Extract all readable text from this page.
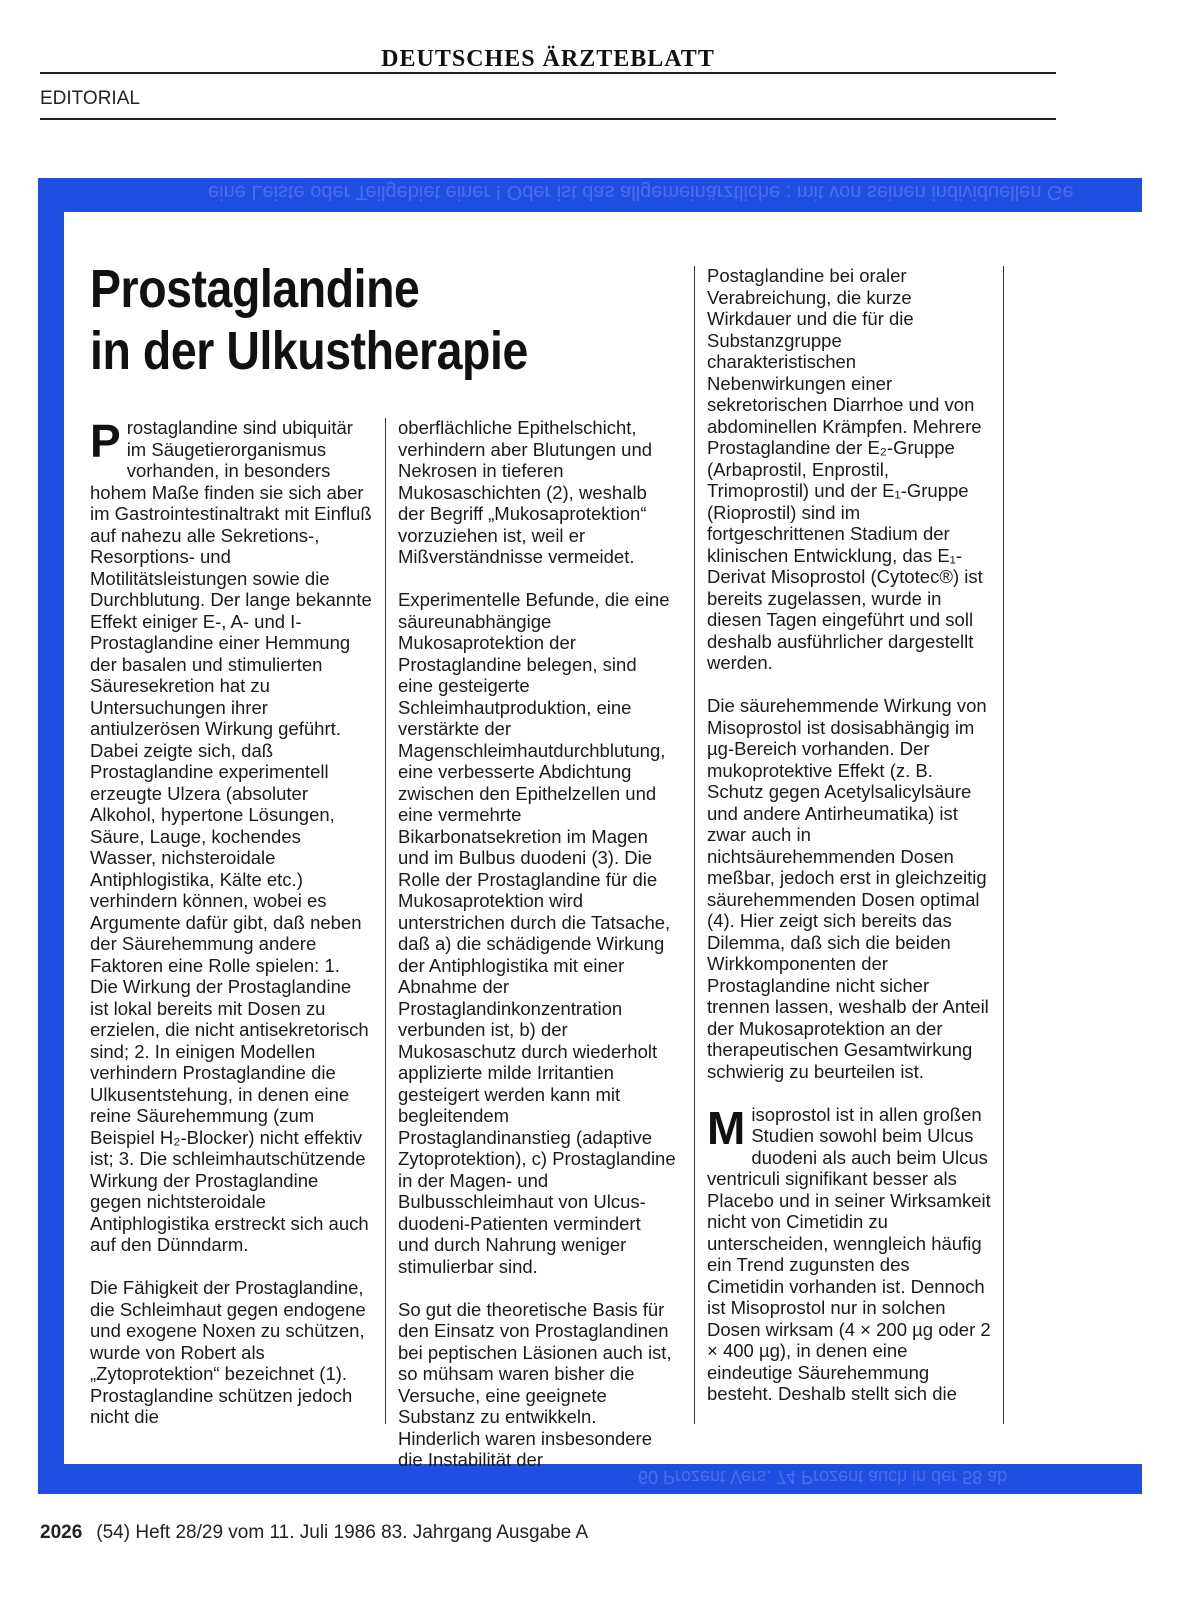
DEUTSCHES ÄRZTEBLATT
EDITORIAL
eine Leiste oder Teilgebiet einer ! Oder ist das allgemeinärztliche : mit von seinen individuellen Ge
60 Prozent Vers. 74 Prozent auch in der 58 ab
Prostaglandine
in der Ulkustherapie

Prostaglandine sind ubiquitär im Säugetierorganismus vorhanden, in besonders hohem Maße finden sie sich aber im Gastrointestinaltrakt mit Einfluß auf nahezu alle Sekretions-, Resorptions- und Motilitätsleistungen sowie die Durchblutung. Der lange bekannte Effekt einiger E-, A- und I-Prostaglandine einer Hemmung der basalen und stimulierten Säuresekretion hat zu Untersuchungen ihrer antiulzerösen Wirkung geführt. Dabei zeigte sich, daß Prostaglandine experimentell erzeugte Ulzera (absoluter Alkohol, hypertone Lösungen, Säure, Lauge, kochendes Wasser, nichsteroidale Antiphlogistika, Kälte etc.) verhindern können, wobei es Argumente dafür gibt, daß neben der Säurehemmung andere Faktoren eine Rolle spielen: 1. Die Wirkung der Prostaglandine ist lokal bereits mit Dosen zu erzielen, die nicht antisekretorisch sind; 2. In einigen Modellen verhindern Prostaglandine die Ulkusentstehung, in denen eine reine Säurehemmung (zum Beispiel H₂-Blocker) nicht effektiv ist; 3. Die schleimhautschützende Wirkung der Prostaglandine gegen nichtsteroidale Antiphlogistika erstreckt sich auch auf den Dünndarm.

Die Fähigkeit der Prostaglandine, die Schleimhaut gegen endogene und exogene Noxen zu schützen, wurde von Robert als „Zytoprotektion“ bezeichnet (1). Prostaglandine schützen jedoch nicht die

oberflächliche Epithelschicht, verhindern aber Blutungen und Nekrosen in tieferen Mukosaschichten (2), weshalb der Begriff „Mukosaprotektion“ vorzuziehen ist, weil er Mißverständnisse vermeidet.

Experimentelle Befunde, die eine säureunabhängige Mukosaprotektion der Prostaglandine belegen, sind eine gesteigerte Schleimhautproduktion, eine verstärkte der Magenschleimhautdurchblutung, eine verbesserte Abdichtung zwischen den Epithelzellen und eine vermehrte Bikarbonatsekretion im Magen und im Bulbus duodeni (3). Die Rolle der Prostaglandine für die Mukosaprotektion wird unterstrichen durch die Tatsache, daß a) die schädigende Wirkung der Antiphlogistika mit einer Abnahme der Prostaglandinkonzentration verbunden ist, b) der Mukosaschutz durch wiederholt applizierte milde Irritantien gesteigert werden kann mit begleitendem Prostaglandinanstieg (adaptive Zytoprotektion), c) Prostaglandine in der Magen- und Bulbusschleimhaut von Ulcus-duodeni-Patienten vermindert und durch Nahrung weniger stimulierbar sind.

So gut die theoretische Basis für den Einsatz von Prostaglandinen bei peptischen Läsionen auch ist, so mühsam waren bisher die Versuche, eine geeignete Substanz zu entwikkeln. Hinderlich waren insbesondere die Instabilität der

Postaglandine bei oraler Verabreichung, die kurze Wirkdauer und die für die Substanzgruppe charakteristischen Nebenwirkungen einer sekretorischen Diarrhoe und von abdominellen Krämpfen. Mehrere Prostaglandine der E₂-Gruppe (Arbaprostil, Enprostil, Trimoprostil) und der E₁-Gruppe (Rioprostil) sind im fortgeschrittenen Stadium der klinischen Entwicklung, das E₁-Derivat Misoprostol (Cytotec®) ist bereits zugelassen, wurde in diesen Tagen eingeführt und soll deshalb ausführlicher dargestellt werden.

Die säurehemmende Wirkung von Misoprostol ist dosisabhängig im µg-Bereich vorhanden. Der mukoprotektive Effekt (z. B. Schutz gegen Acetylsalicylsäure und andere Antirheumatika) ist zwar auch in nichtsäurehemmenden Dosen meßbar, jedoch erst in gleichzeitig säurehemmenden Dosen optimal (4). Hier zeigt sich bereits das Dilemma, daß sich die beiden Wirkkomponenten der Prostaglandine nicht sicher trennen lassen, weshalb der Anteil der Mukosaprotektion an der therapeutischen Gesamtwirkung schwierig zu beurteilen ist.

Misoprostol ist in allen großen Studien sowohl beim Ulcus duodeni als auch beim Ulcus ventriculi signifikant besser als Placebo und in seiner Wirksamkeit nicht von Cimetidin zu unterscheiden, wenngleich häufig ein Trend zugunsten des Cimetidin vorhanden ist. Dennoch ist Misoprostol nur in solchen Dosen wirksam (4 × 200 µg oder 2 × 400 µg), in denen eine eindeutige Säurehemmung besteht. Deshalb stellt sich die

2026 (54) Heft 28/29 vom 11. Juli 1986 83. Jahrgang Ausgabe A
